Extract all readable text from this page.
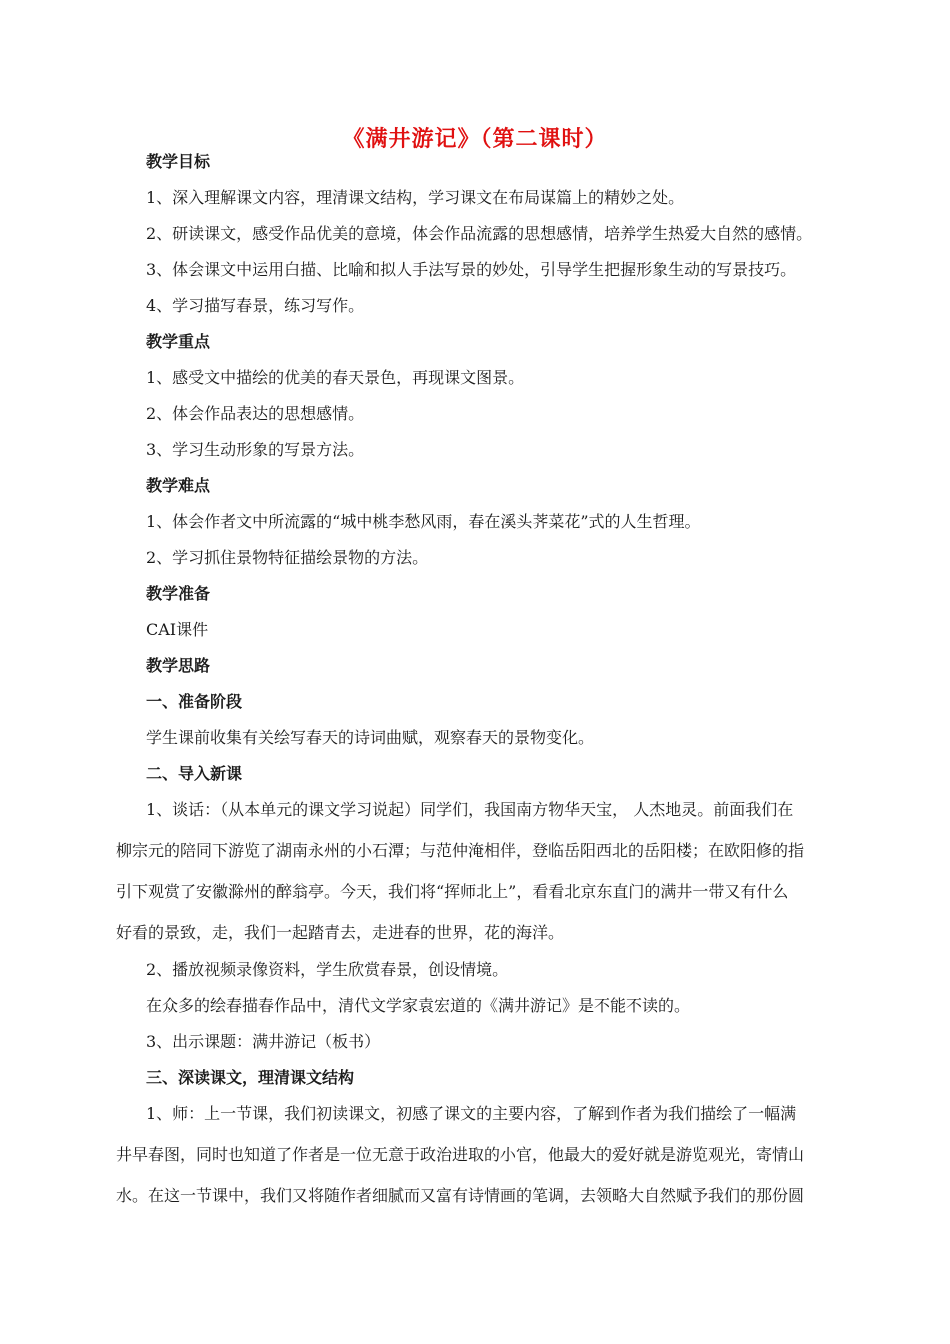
《满井游记》（第二课时）
教学目标
1、深入理解课文内容，理清课文结构，学习课文在布局谋篇上的精妙之处。
2、研读课文，感受作品优美的意境，体会作品流露的思想感情，培养学生热爱大自然的感情。
3、体会课文中运用白描、比喻和拟人手法写景的妙处，引导学生把握形象生动的写景技巧。
4、学习描写春景，练习写作。
教学重点
1、感受文中描绘的优美的春天景色，再现课文图景。
2、体会作品表达的思想感情。
3、学习生动形象的写景方法。
教学难点
1、体会作者文中所流露的“城中桃李愁风雨，春在溪头荠菜花”式的人生哲理。
2、学习抓住景物特征描绘景物的方法。
教学准备
CAI课件
教学思路
一、准备阶段
学生课前收集有关绘写春天的诗词曲赋，观察春天的景物变化。
二、导入新课
1、谈话：（从本单元的课文学习说起）同学们，我国南方物华天宝， 人杰地灵。前面我们在
柳宗元的陪同下游览了湖南永州的小石潭；与范仲淹相伴，登临岳阳西北的岳阳楼；在欧阳修的指
引下观赏了安徽滁州的醉翁亭。今天，我们将“挥师北上”，看看北京东直门的满井一带又有什么
好看的景致，走，我们一起踏青去，走进春的世界，花的海洋。
2、播放视频录像资料，学生欣赏春景，创设情境。
在众多的绘春描春作品中，清代文学家袁宏道的《满井游记》是不能不读的。
3、出示课题：满井游记（板书）
三、深读课文，理清课文结构
1、师：上一节课，我们初读课文，初感了课文的主要内容，了解到作者为我们描绘了一幅满
井早春图，同时也知道了作者是一位无意于政治进取的小官，他最大的爱好就是游览观光，寄情山
水。在这一节课中，我们又将随作者细腻而又富有诗情画的笔调，去领略大自然赋予我们的那份圆
